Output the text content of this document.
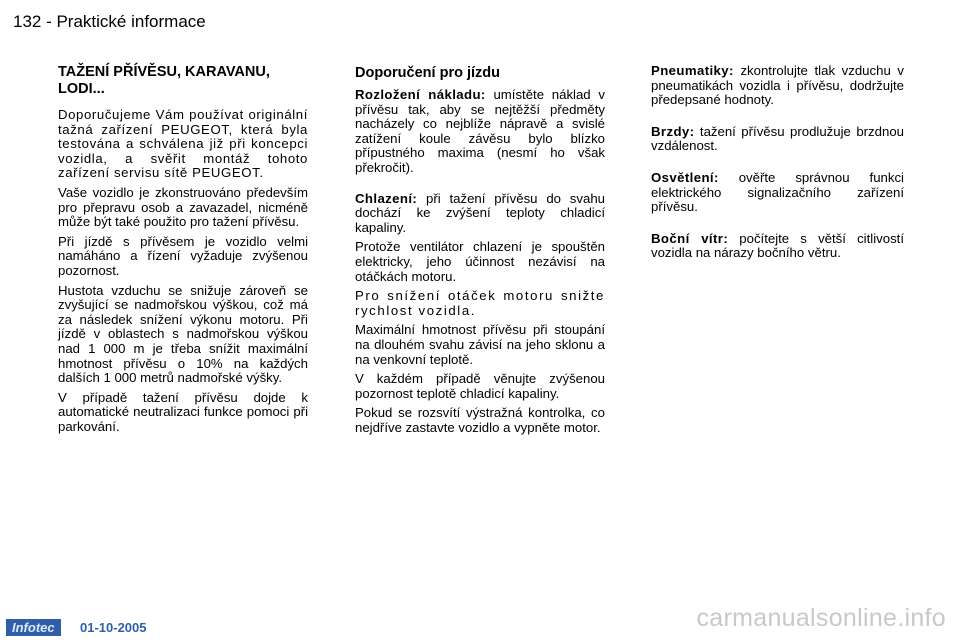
132 - Praktické informace
TAŽENÍ PŘÍVĚSU, KARAVANU, LODI...

Doporučujeme Vám používat originální tažná zařízení PEUGEOT, která byla testována a schválena již při koncepci vozidla, a svěřit montáž tohoto zařízení servisu sítě PEUGEOT.

Vaše vozidlo je zkonstruováno především pro přepravu osob a zavazadel, nicméně může být také použito pro tažení přívěsu.

Při jízdě s přívěsem je vozidlo velmi namáháno a řízení vyžaduje zvýšenou pozornost.

Hustota vzduchu se snižuje zároveň se zvyšující se nadmořskou výškou, což má za následek snížení výkonu motoru. Při jízdě v oblastech s nadmořskou výškou nad 1 000 m je třeba snížit maximální hmotnost přívěsu o 10% na každých dalších 1 000 metrů nadmořské výšky.

V případě tažení přívěsu dojde k automatické neutralizaci funkce pomoci při parkování.

Doporučení pro jízdu

Rozložení nákladu: umístěte náklad v přívěsu tak, aby se nejtěžší předměty nacházely co nejblíže nápravě a svislé zatížení koule závěsu bylo blízko přípustného maxima (nesmí ho však překročit).

Chlazení: při tažení přívěsu do svahu dochází ke zvýšení teploty chladicí kapaliny.

Protože ventilátor chlazení je spouštěn elektricky, jeho účinnost nezávisí na otáčkách motoru.

Pro snížení otáček motoru snižte rychlost vozidla.

Maximální hmotnost přívěsu při stoupání na dlouhém svahu závisí na jeho sklonu a na venkovní teplotě.

V každém případě věnujte zvýšenou pozornost teplotě chladicí kapaliny.

Pokud se rozsvítí výstražná kontrolka, co nejdříve zastavte vozidlo a vypněte motor.

Pneumatiky: zkontrolujte tlak vzduchu v pneumatikách vozidla i přívěsu, dodržujte předepsané hodnoty.

Brzdy: tažení přívěsu prodlužuje brzdnou vzdálenost.

Osvětlení: ověřte správnou funkci elektrického signalizačního zařízení přívěsu.

Boční vítr: počítejte s větší citlivostí vozidla na nárazy bočního větru.

Infotec	01-10-2005	carmanualsonline.info
